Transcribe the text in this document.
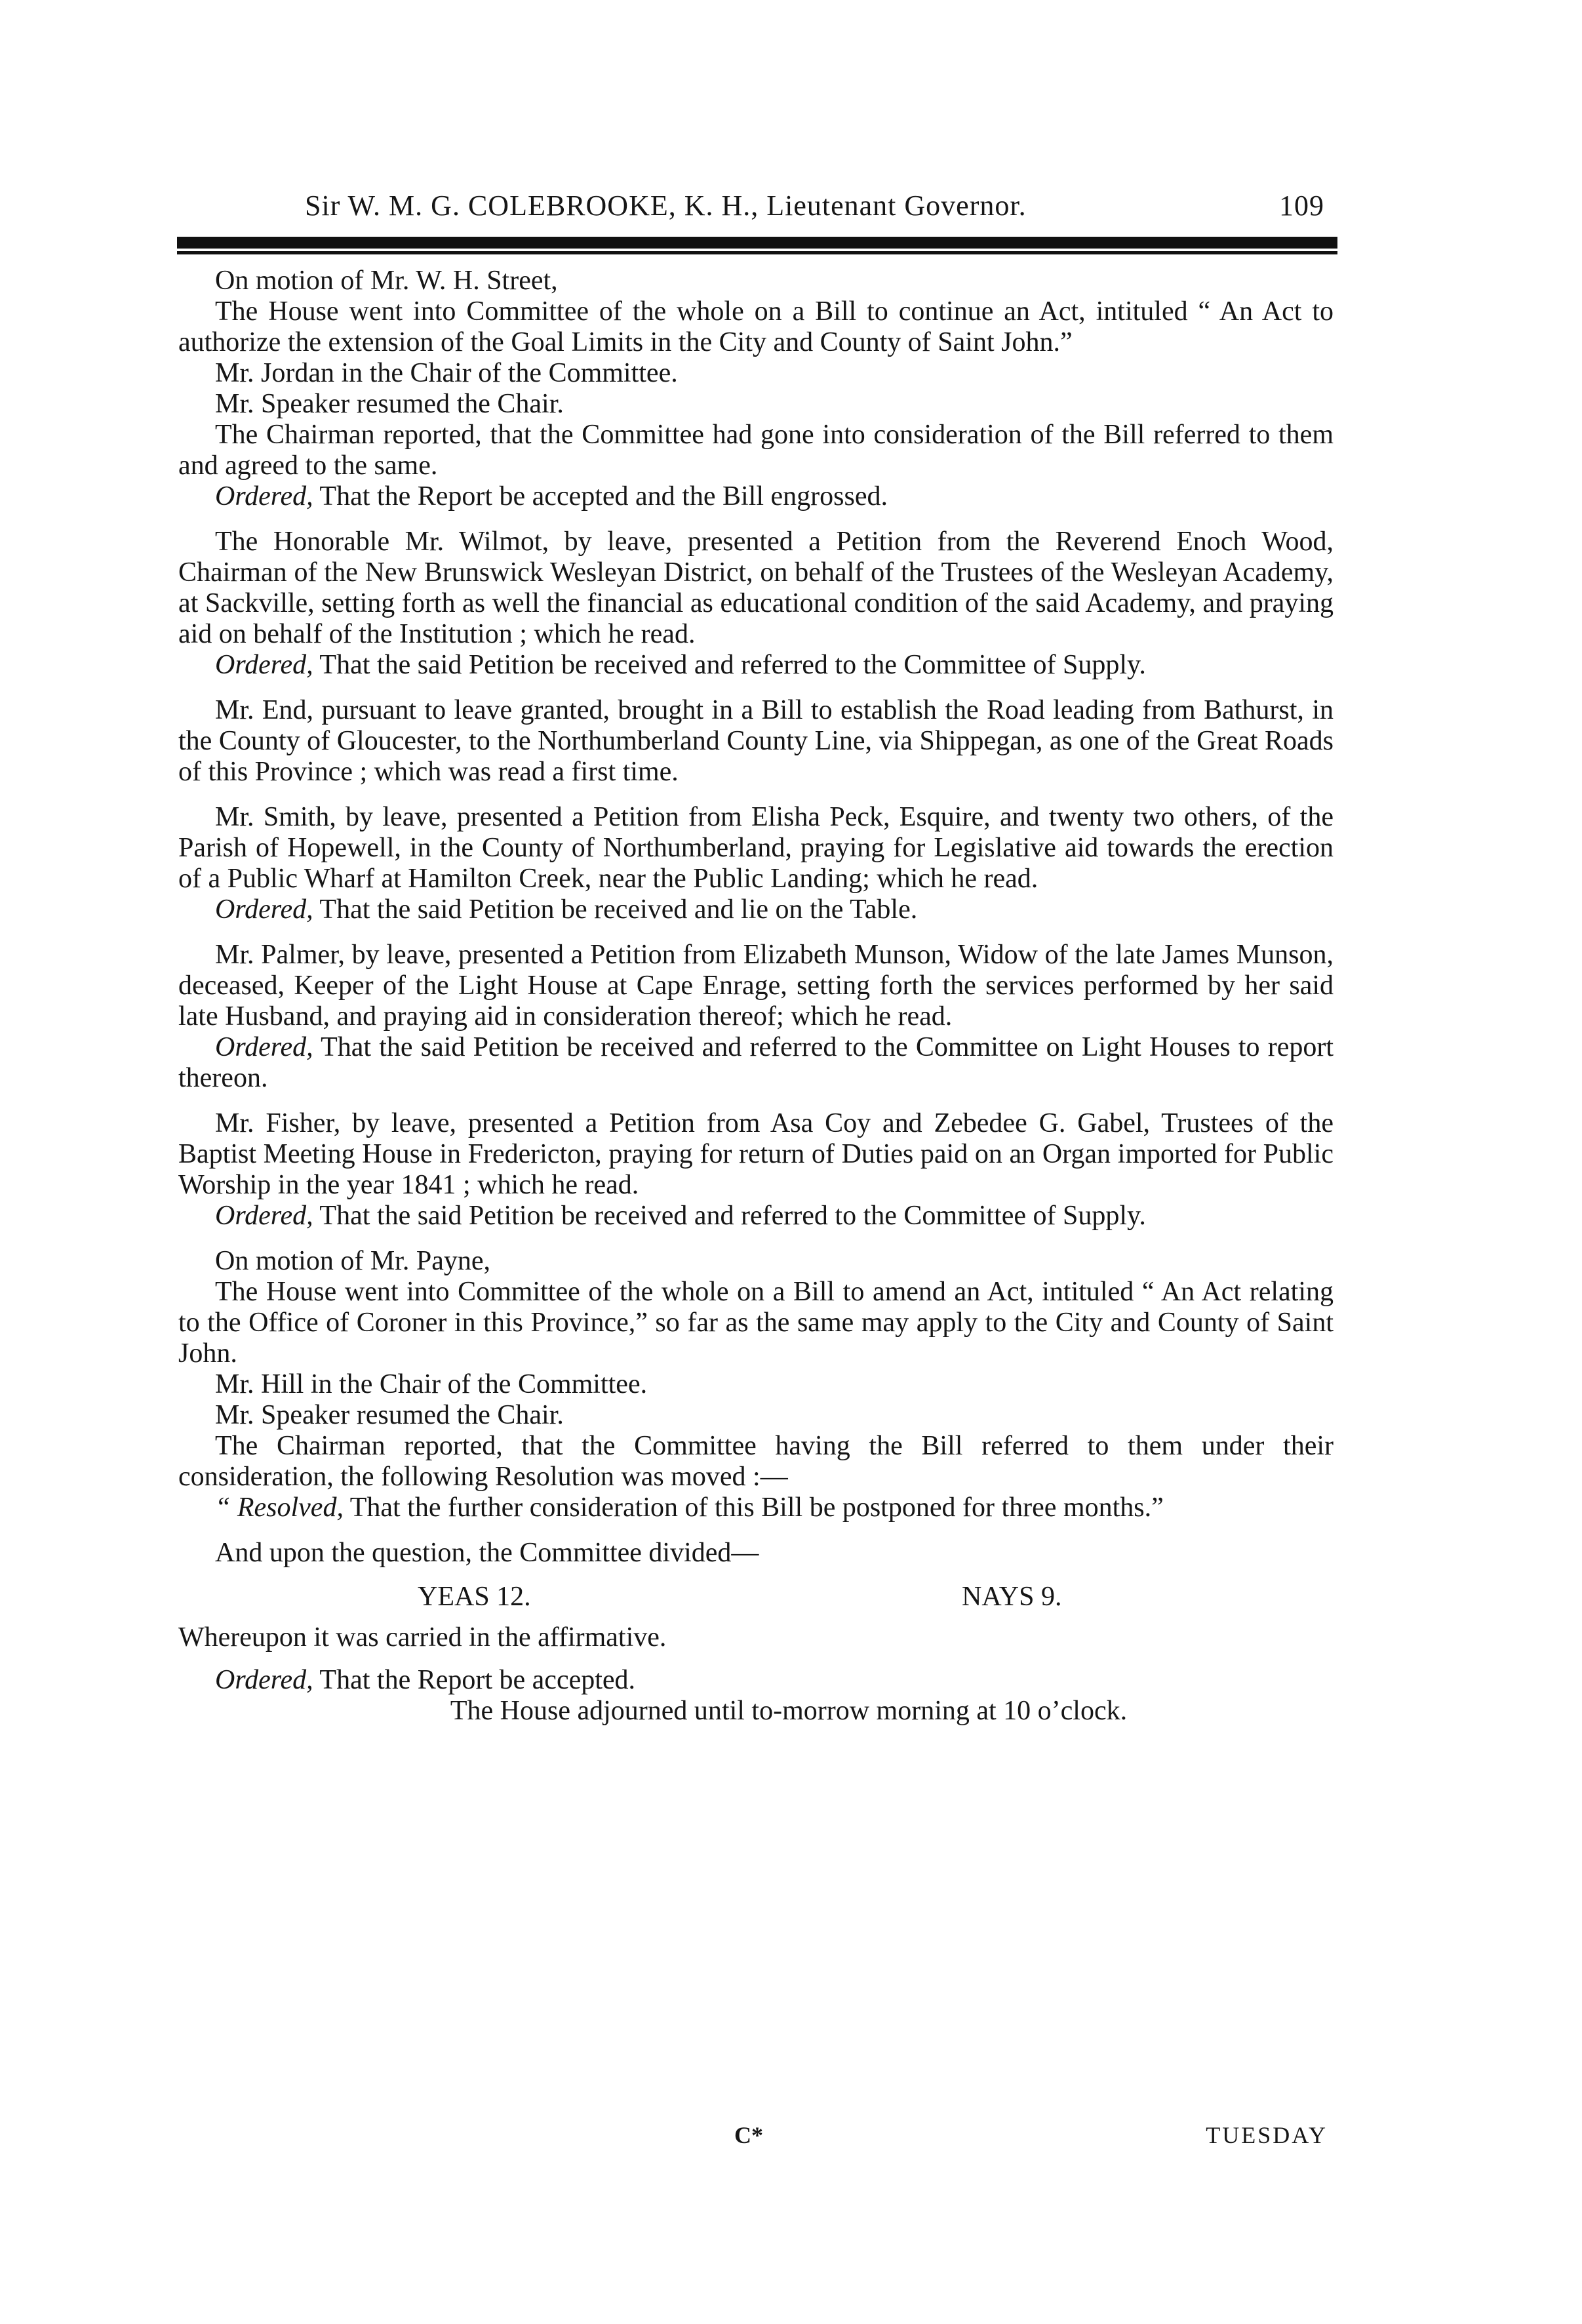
Sir W. M. G. COLEBROOKE, K. H., Lieutenant Governor.	109

On motion of Mr. W. H. Street,

The House went into Committee of the whole on a Bill to continue an Act, intituled “ An Act to authorize the extension of the Goal Limits in the City and County of Saint John.”

Mr. Jordan in the Chair of the Committee.

Mr. Speaker resumed the Chair.

The Chairman reported, that the Committee had gone into consideration of the Bill referred to them and agreed to the same.

Ordered, That the Report be accepted and the Bill engrossed.

The Honorable Mr. Wilmot, by leave, presented a Petition from the Reverend Enoch Wood, Chairman of the New Brunswick Wesleyan District, on behalf of the Trustees of the Wesleyan Academy, at Sackville, setting forth as well the financial as educational condition of the said Academy, and praying aid on behalf of the Institution ; which he read.

Ordered, That the said Petition be received and referred to the Committee of Supply.

Mr. End, pursuant to leave granted, brought in a Bill to establish the Road leading from Bathurst, in the County of Gloucester, to the Northumberland County Line, via Shippegan, as one of the Great Roads of this Province ; which was read a first time.

Mr. Smith, by leave, presented a Petition from Elisha Peck, Esquire, and twenty two others, of the Parish of Hopewell, in the County of Northumberland, praying for Legislative aid towards the erection of a Public Wharf at Hamilton Creek, near the Public Landing; which he read.

Ordered, That the said Petition be received and lie on the Table.

Mr. Palmer, by leave, presented a Petition from Elizabeth Munson, Widow of the late James Munson, deceased, Keeper of the Light House at Cape Enrage, setting forth the services performed by her said late Husband, and praying aid in consideration thereof; which he read.

Ordered, That the said Petition be received and referred to the Committee on Light Houses to report thereon.

Mr. Fisher, by leave, presented a Petition from Asa Coy and Zebedee G. Gabel, Trustees of the Baptist Meeting House in Fredericton, praying for return of Duties paid on an Organ imported for Public Worship in the year 1841 ; which he read.

Ordered, That the said Petition be received and referred to the Committee of Supply.

On motion of Mr. Payne,

The House went into Committee of the whole on a Bill to amend an Act, intituled “ An Act relating to the Office of Coroner in this Province,” so far as the same may apply to the City and County of Saint John.

Mr. Hill in the Chair of the Committee.

Mr. Speaker resumed the Chair.

The Chairman reported, that the Committee having the Bill referred to them under their consideration, the following Resolution was moved :—

“ Resolved, That the further consideration of this Bill be postponed for three months.”

And upon the question, the Committee divided—

YEAS 12.	NAYS 9.

Whereupon it was carried in the affirmative.

Ordered, That the Report be accepted.

The House adjourned until to-morrow morning at 10 o’clock.

C*	TUESDAY
